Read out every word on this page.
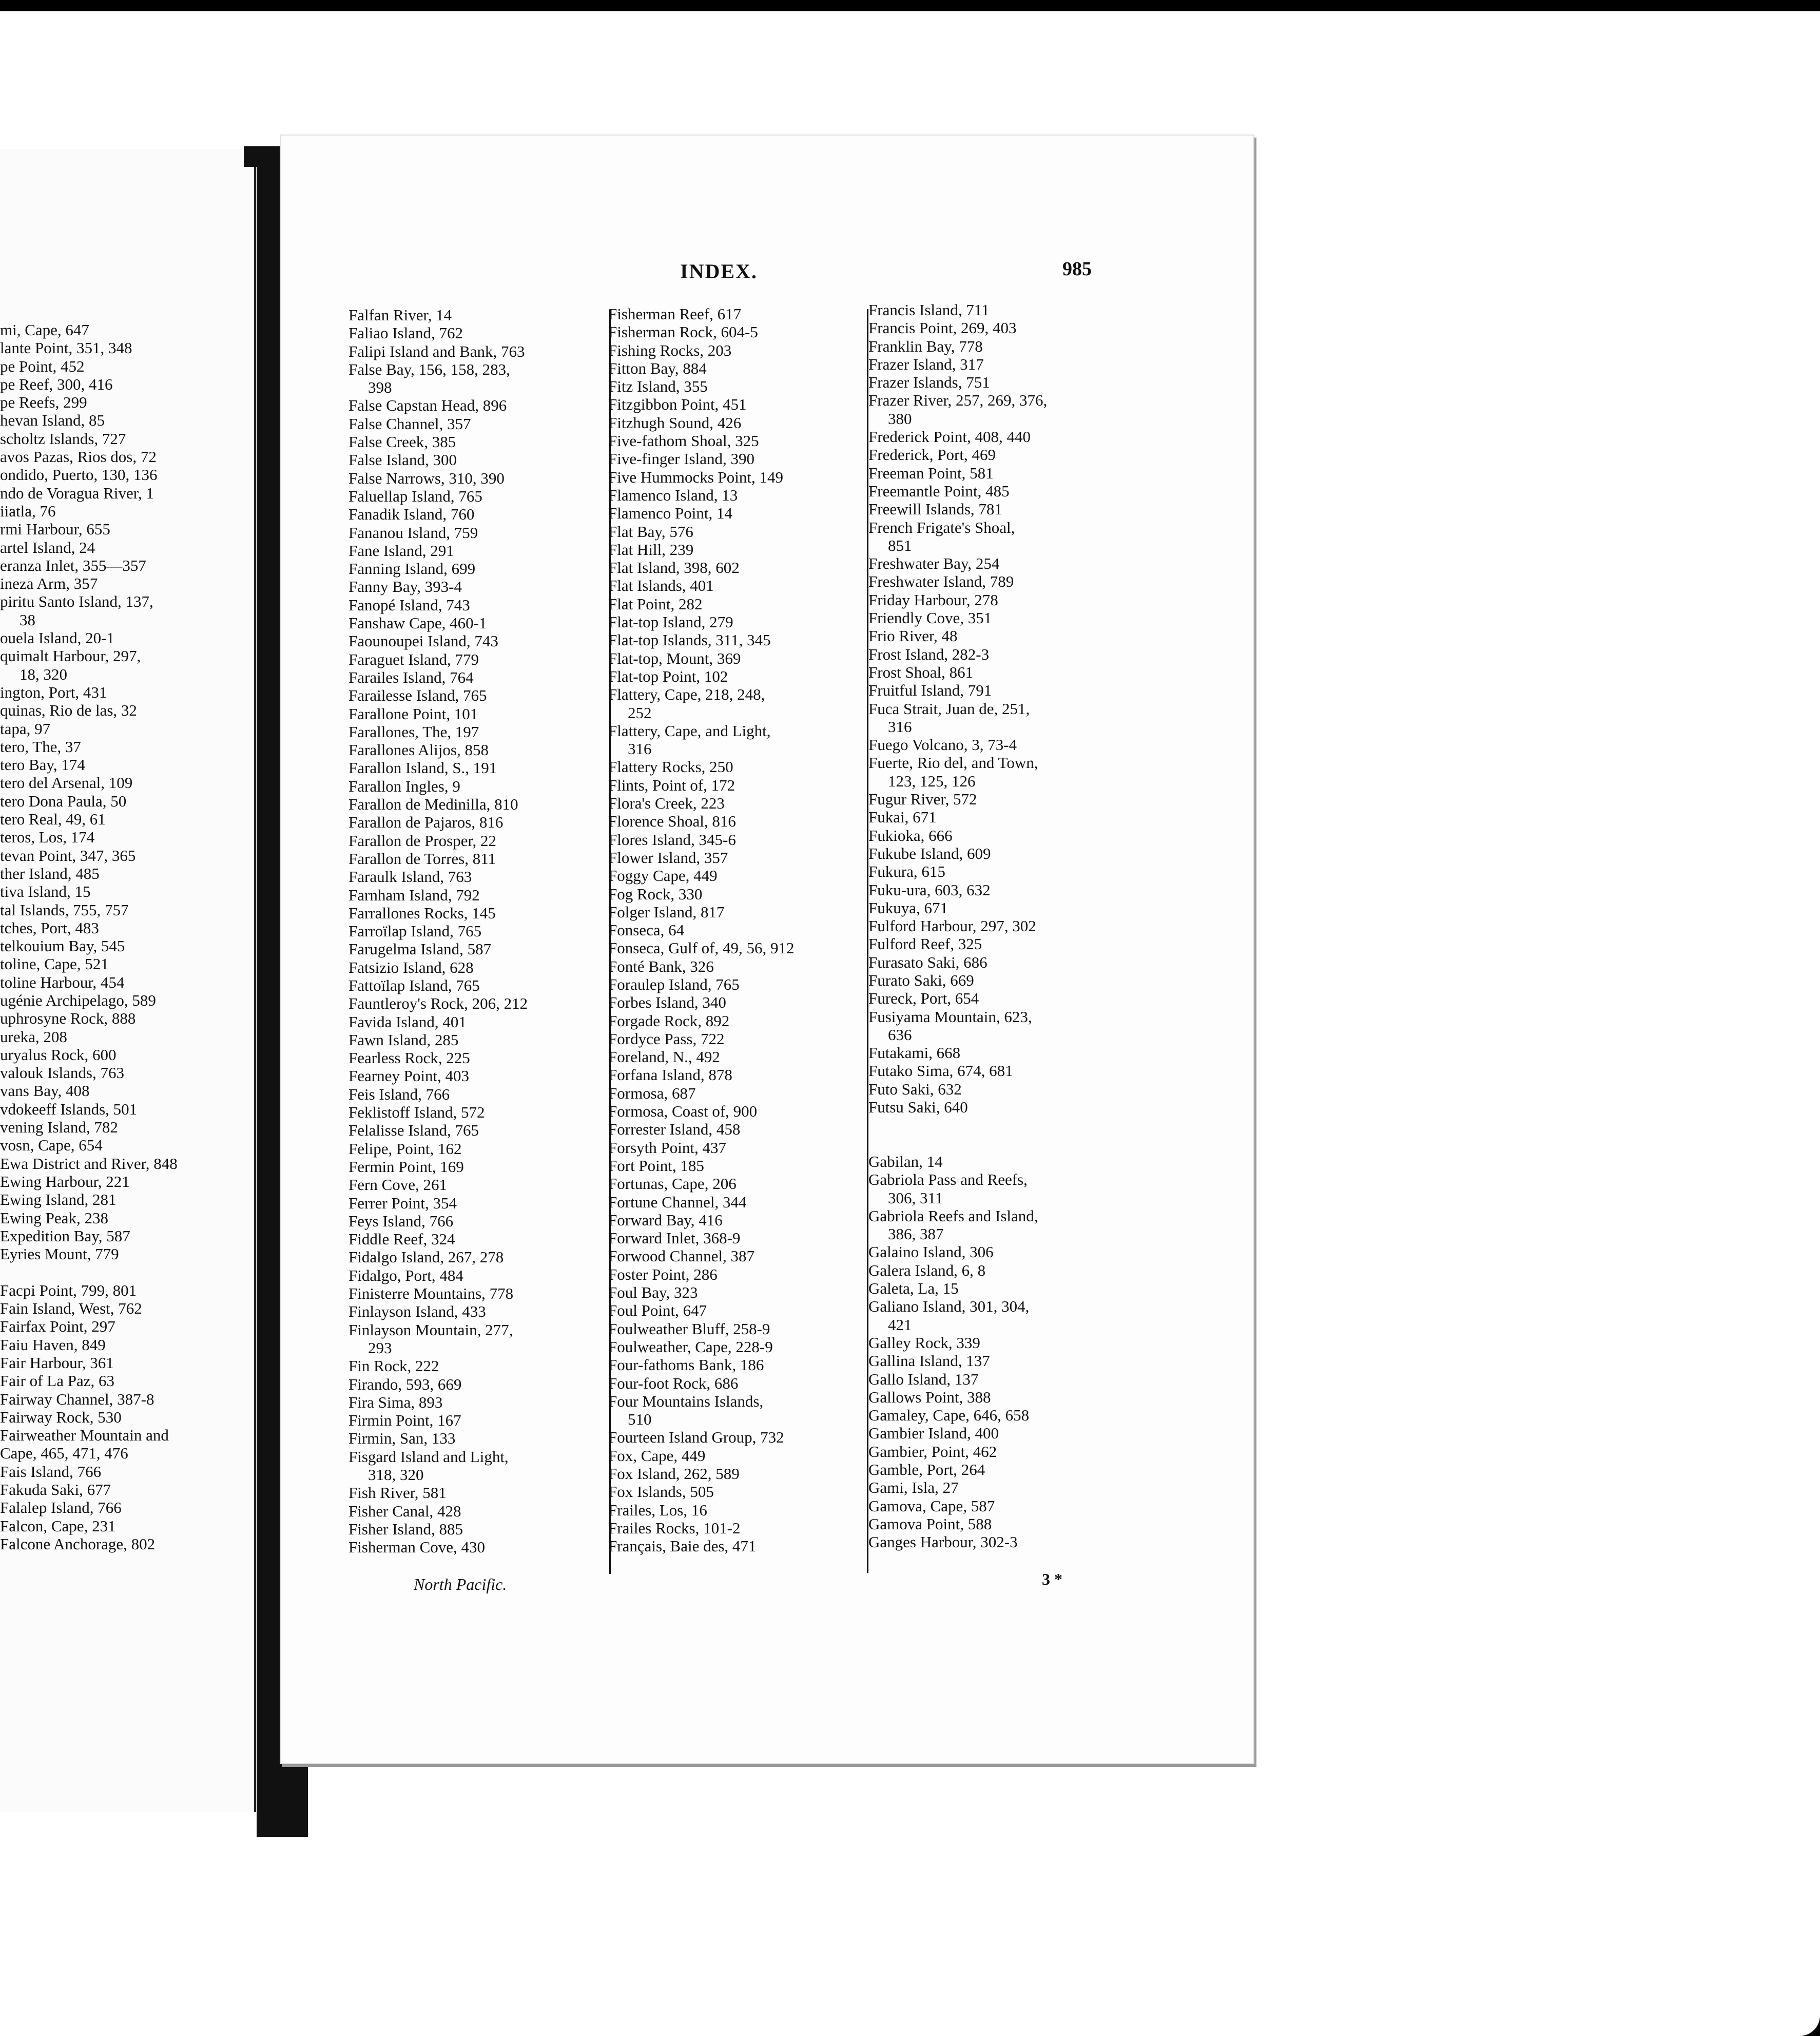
mi, Cape, 647
lante Point, 351, 348
pe Point, 452
pe Reef, 300, 416
pe Reefs, 299
hevan Island, 85
scholtz Islands, 727
avos Pazas, Rios dos, 72
ondido, Puerto, 130, 136
ndo de Voragua River, 1
iiatla, 76
rmi Harbour, 655
artel Island, 24
eranza Inlet, 355—357
ineza Arm, 357
piritu Santo Island, 137,
38
ouela Island, 20-1
quimalt Harbour, 297,
18, 320
ington, Port, 431
quinas, Rio de las, 32
tapa, 97
tero, The, 37
tero Bay, 174
tero del Arsenal, 109
tero Dona Paula, 50
tero Real, 49, 61
teros, Los, 174
tevan Point, 347, 365
ther Island, 485
tiva Island, 15
tal Islands, 755, 757
tches, Port, 483
telkouium Bay, 545
toline, Cape, 521
toline Harbour, 454
ugénie Archipelago, 589
uphrosyne Rock, 888
ureka, 208
uryalus Rock, 600
valouk Islands, 763
vans Bay, 408
vdokeeff Islands, 501
vening Island, 782
vosn, Cape, 654
Ewa District and River, 848
Ewing Harbour, 221
Ewing Island, 281
Ewing Peak, 238
Expedition Bay, 587
Eyries Mount, 779

Facpi Point, 799, 801
Fain Island, West, 762
Fairfax Point, 297
Faiu Haven, 849
Fair Harbour, 361
Fair of La Paz, 63
Fairway Channel, 387-8
Fairway Rock, 530
Fairweather Mountain and
Cape, 465, 471, 476
Fais Island, 766
Fakuda Saki, 677
Falalep Island, 766
Falcon, Cape, 231
Falcone Anchorage, 802
Falfan River, 14
Faliao Island, 762
Falipi Island and Bank, 763
False Bay, 156, 158, 283,
398
False Capstan Head, 896
False Channel, 357
False Creek, 385
False Island, 300
False Narrows, 310, 390
Faluellap Island, 765
Fanadik Island, 760
Fananou Island, 759
Fane Island, 291
Fanning Island, 699
Fanny Bay, 393-4
Fanopé Island, 743
Fanshaw Cape, 460-1
Faounoupei Island, 743
Faraguet Island, 779
Farailes Island, 764
Farailesse Island, 765
Farallone Point, 101
Farallones, The, 197
Farallones Alijos, 858
Farallon Island, S., 191
Farallon Ingles, 9
Farallon de Medinilla, 810
Farallon de Pajaros, 816
Farallon de Prosper, 22
Farallon de Torres, 811
Faraulk Island, 763
Farnham Island, 792
Farrallones Rocks, 145
Farroïlap Island, 765
Farugelma Island, 587
Fatsizio Island, 628
Fattoïlap Island, 765
Fauntleroy's Rock, 206, 212
Favida Island, 401
Fawn Island, 285
Fearless Rock, 225
Fearney Point, 403
Feis Island, 766
Feklistoff Island, 572
Felalisse Island, 765
Felipe, Point, 162
Fermin Point, 169
Fern Cove, 261
Ferrer Point, 354
Feys Island, 766
Fiddle Reef, 324
Fidalgo Island, 267, 278
Fidalgo, Port, 484
Finisterre Mountains, 778
Finlayson Island, 433
Finlayson Mountain, 277,
293
Fin Rock, 222
Firando, 593, 669
Fira Sima, 893
Firmin Point, 167
Firmin, San, 133
Fisgard Island and Light,
318, 320
Fish River, 581
Fisher Canal, 428
Fisher Island, 885
Fisherman Cove, 430
Fisherman Reef, 617
Fisherman Rock, 604-5
Fishing Rocks, 203
Fitton Bay, 884
Fitz Island, 355
Fitzgibbon Point, 451
Fitzhugh Sound, 426
Five-fathom Shoal, 325
Five-finger Island, 390
Five Hummocks Point, 149
Flamenco Island, 13
Flamenco Point, 14
Flat Bay, 576
Flat Hill, 239
Flat Island, 398, 602
Flat Islands, 401
Flat Point, 282
Flat-top Island, 279
Flat-top Islands, 311, 345
Flat-top, Mount, 369
Flat-top Point, 102
Flattery, Cape, 218, 248,
252
Flattery, Cape, and Light,
316
Flattery Rocks, 250
Flints, Point of, 172
Flora's Creek, 223
Florence Shoal, 816
Flores Island, 345-6
Flower Island, 357
Foggy Cape, 449
Fog Rock, 330
Folger Island, 817
Fonseca, 64
Fonseca, Gulf of, 49, 56, 912
Fonté Bank, 326
Foraulep Island, 765
Forbes Island, 340
Forgade Rock, 892
Fordyce Pass, 722
Foreland, N., 492
Forfana Island, 878
Formosa, 687
Formosa, Coast of, 900
Forrester Island, 458
Forsyth Point, 437
Fort Point, 185
Fortunas, Cape, 206
Fortune Channel, 344
Forward Bay, 416
Forward Inlet, 368-9
Forwood Channel, 387
Foster Point, 286
Foul Bay, 323
Foul Point, 647
Foulweather Bluff, 258-9
Foulweather, Cape, 228-9
Four-fathoms Bank, 186
Four-foot Rock, 686
Four Mountains Islands,
510
Fourteen Island Group, 732
Fox, Cape, 449
Fox Island, 262, 589
Fox Islands, 505
Frailes, Los, 16
Frailes Rocks, 101-2
Français, Baie des, 471
Francis Island, 711
Francis Point, 269, 403
Franklin Bay, 778
Frazer Island, 317
Frazer Islands, 751
Frazer River, 257, 269, 376,
380
Frederick Point, 408, 440
Frederick, Port, 469
Freeman Point, 581
Freemantle Point, 485
Freewill Islands, 781
French Frigate's Shoal,
851
Freshwater Bay, 254
Freshwater Island, 789
Friday Harbour, 278
Friendly Cove, 351
Frio River, 48
Frost Island, 282-3
Frost Shoal, 861
Fruitful Island, 791
Fuca Strait, Juan de, 251,
316
Fuego Volcano, 3, 73-4
Fuerte, Rio del, and Town,
123, 125, 126
Fugur River, 572
Fukai, 671
Fukioka, 666
Fukube Island, 609
Fukura, 615
Fuku-ura, 603, 632
Fukuya, 671
Fulford Harbour, 297, 302
Fulford Reef, 325
Furasato Saki, 686
Furato Saki, 669
Fureck, Port, 654
Fusiyama Mountain, 623,
636
Futakami, 668
Futako Sima, 674, 681
Futo Saki, 632
Futsu Saki, 640

Gabilan, 14
Gabriola Pass and Reefs,
306, 311
Gabriola Reefs and Island,
386, 387
Galaino Island, 306
Galera Island, 6, 8
Galeta, La, 15
Galiano Island, 301, 304,
421
Galley Rock, 339
Gallina Island, 137
Gallo Island, 137
Gallows Point, 388
Gamaley, Cape, 646, 658
Gambier Island, 400
Gambier, Point, 462
Gamble, Port, 264
Gami, Isla, 27
Gamova, Cape, 587
Gamova Point, 588
Ganges Harbour, 302-3
INDEX.	985
North Pacific.	3 *
